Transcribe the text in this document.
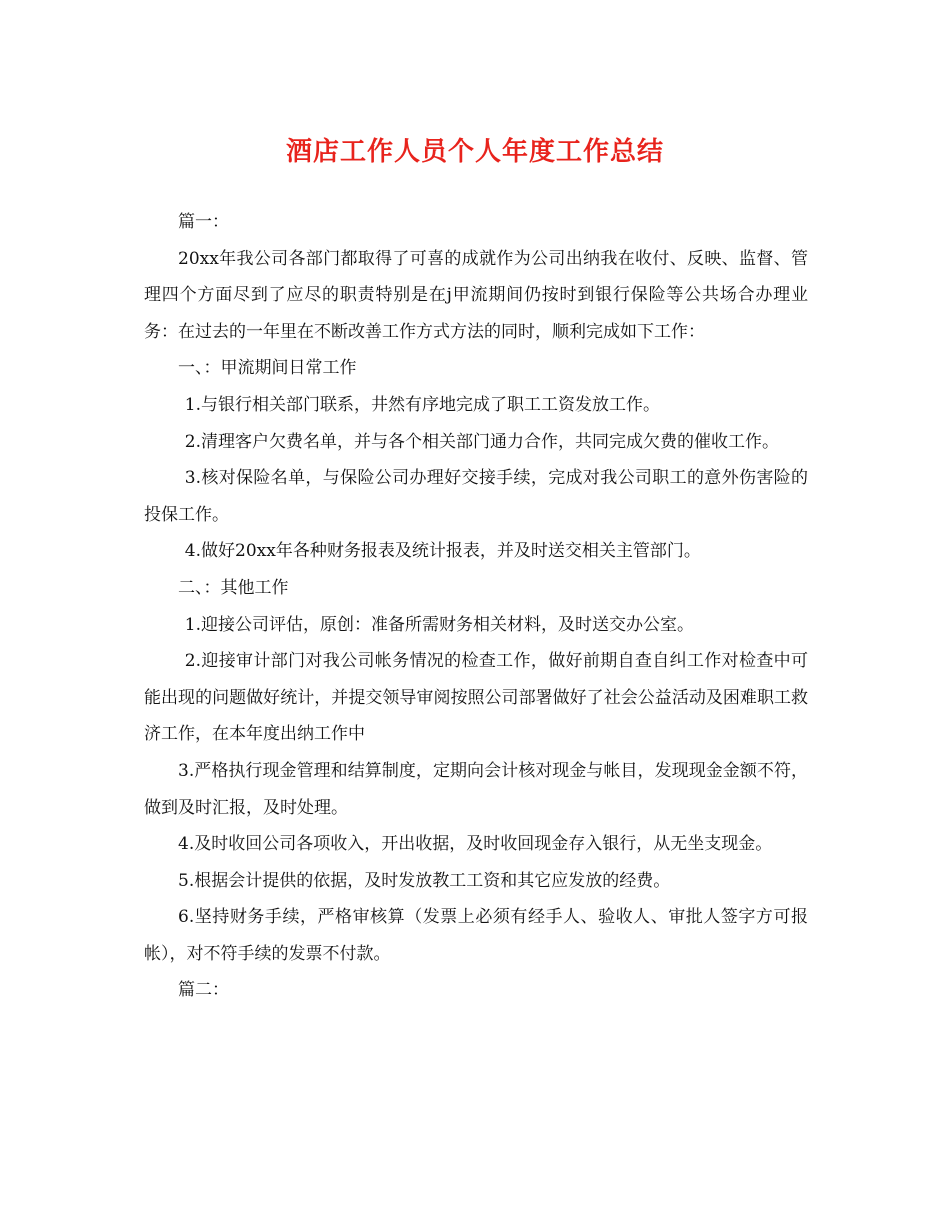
酒店工作人员个人年度工作总结

篇一：

20xx年我公司各部门都取得了可喜的成就作为公司出纳我在收付、反映、监督、管理四个方面尽到了应尽的职责特别是在j甲流期间仍按时到银行保险等公共场合办理业务：在过去的一年里在不断改善工作方式方法的同时，顺利完成如下工作：

一、：甲流期间日常工作

1.与银行相关部门联系，井然有序地完成了职工工资发放工作。

2.清理客户欠费名单，并与各个相关部门通力合作，共同完成欠费的催收工作。

3.核对保险名单，与保险公司办理好交接手续，完成对我公司职工的意外伤害险的投保工作。

4.做好20xx年各种财务报表及统计报表，并及时送交相关主管部门。

二、：其他工作

1.迎接公司评估，原创：准备所需财务相关材料，及时送交办公室。

2.迎接审计部门对我公司帐务情况的检查工作，做好前期自查自纠工作对检查中可能出现的问题做好统计，并提交领导审阅按照公司部署做好了社会公益活动及困难职工救济工作，在本年度出纳工作中

3.严格执行现金管理和结算制度，定期向会计核对现金与帐目，发现现金金额不符，做到及时汇报，及时处理。

4.及时收回公司各项收入，开出收据，及时收回现金存入银行，从无坐支现金。

5.根据会计提供的依据，及时发放教工工资和其它应发放的经费。

6.坚持财务手续，严格审核算（发票上必须有经手人、验收人、审批人签字方可报帐），对不符手续的发票不付款。

篇二：
